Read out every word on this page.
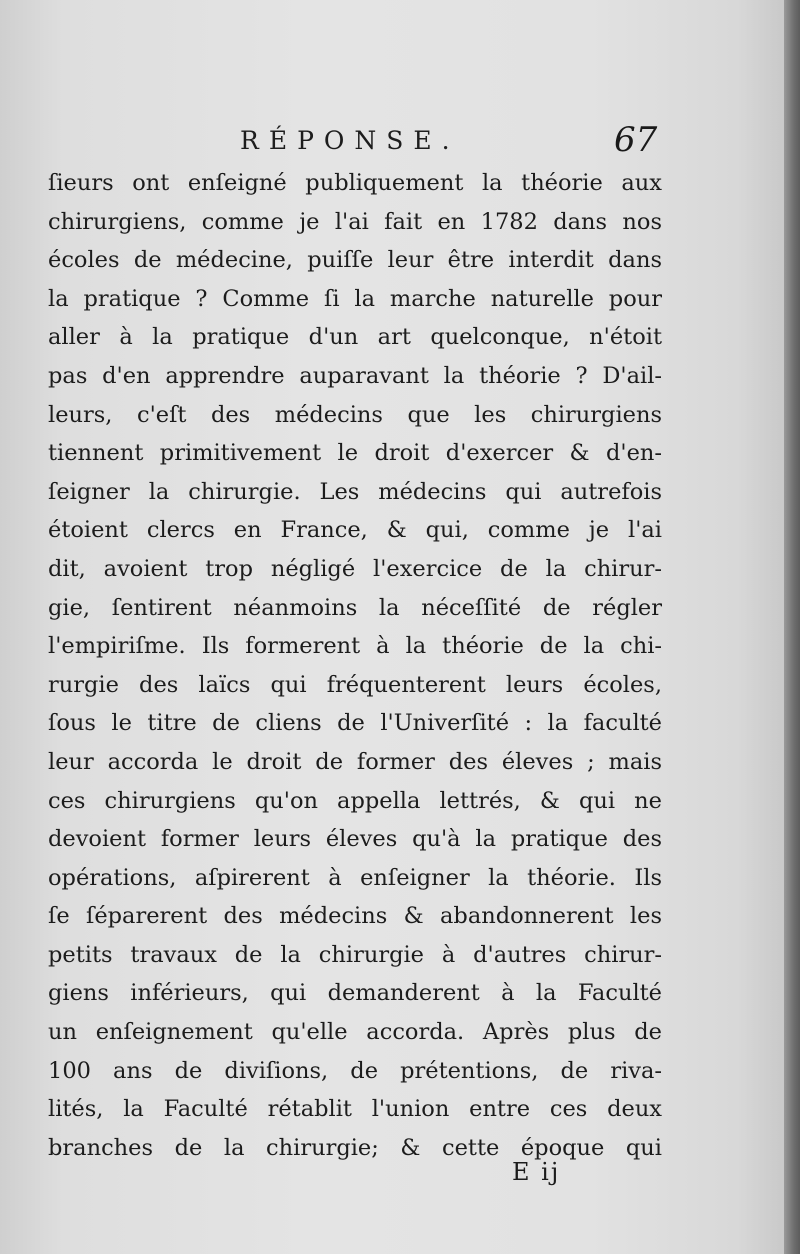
RÉPONSE.	67
ſieurs ont enſeigné publiquement la théorie aux
chirurgiens, comme je l'ai fait en 1782 dans nos
écoles de médecine, puiſſe leur être interdit dans
la pratique ? Comme ſi la marche naturelle pour
aller à la pratique d'un art quelconque, n'étoit
pas d'en apprendre auparavant la théorie ? D'ail-
leurs, c'eſt des médecins que les chirurgiens
tiennent primitivement le droit d'exercer & d'en-
ſeigner la chirurgie. Les médecins qui autrefois
étoient clercs en France, & qui, comme je l'ai
dit, avoient trop négligé l'exercice de la chirur-
gie, ſentirent néanmoins la néceſſité de régler
l'empiriſme. Ils formerent à la théorie de la chi-
rurgie des laïcs qui fréquenterent leurs écoles,
ſous le titre de cliens de l'Univerſité : la faculté
leur accorda le droit de former des éleves ; mais
ces chirurgiens qu'on appella lettrés, & qui ne
devoient former leurs éleves qu'à la pratique des
opérations, aſpirerent à enſeigner la théorie. Ils
ſe ſéparerent des médecins & abandonnerent les
petits travaux de la chirurgie à d'autres chirur-
giens inférieurs, qui demanderent à la Faculté
un enſeignement qu'elle accorda. Après plus de
100 ans de diviſions, de prétentions, de riva-
lités, la Faculté rétablit l'union entre ces deux
branches de la chirurgie; & cette époque qui
E ij
